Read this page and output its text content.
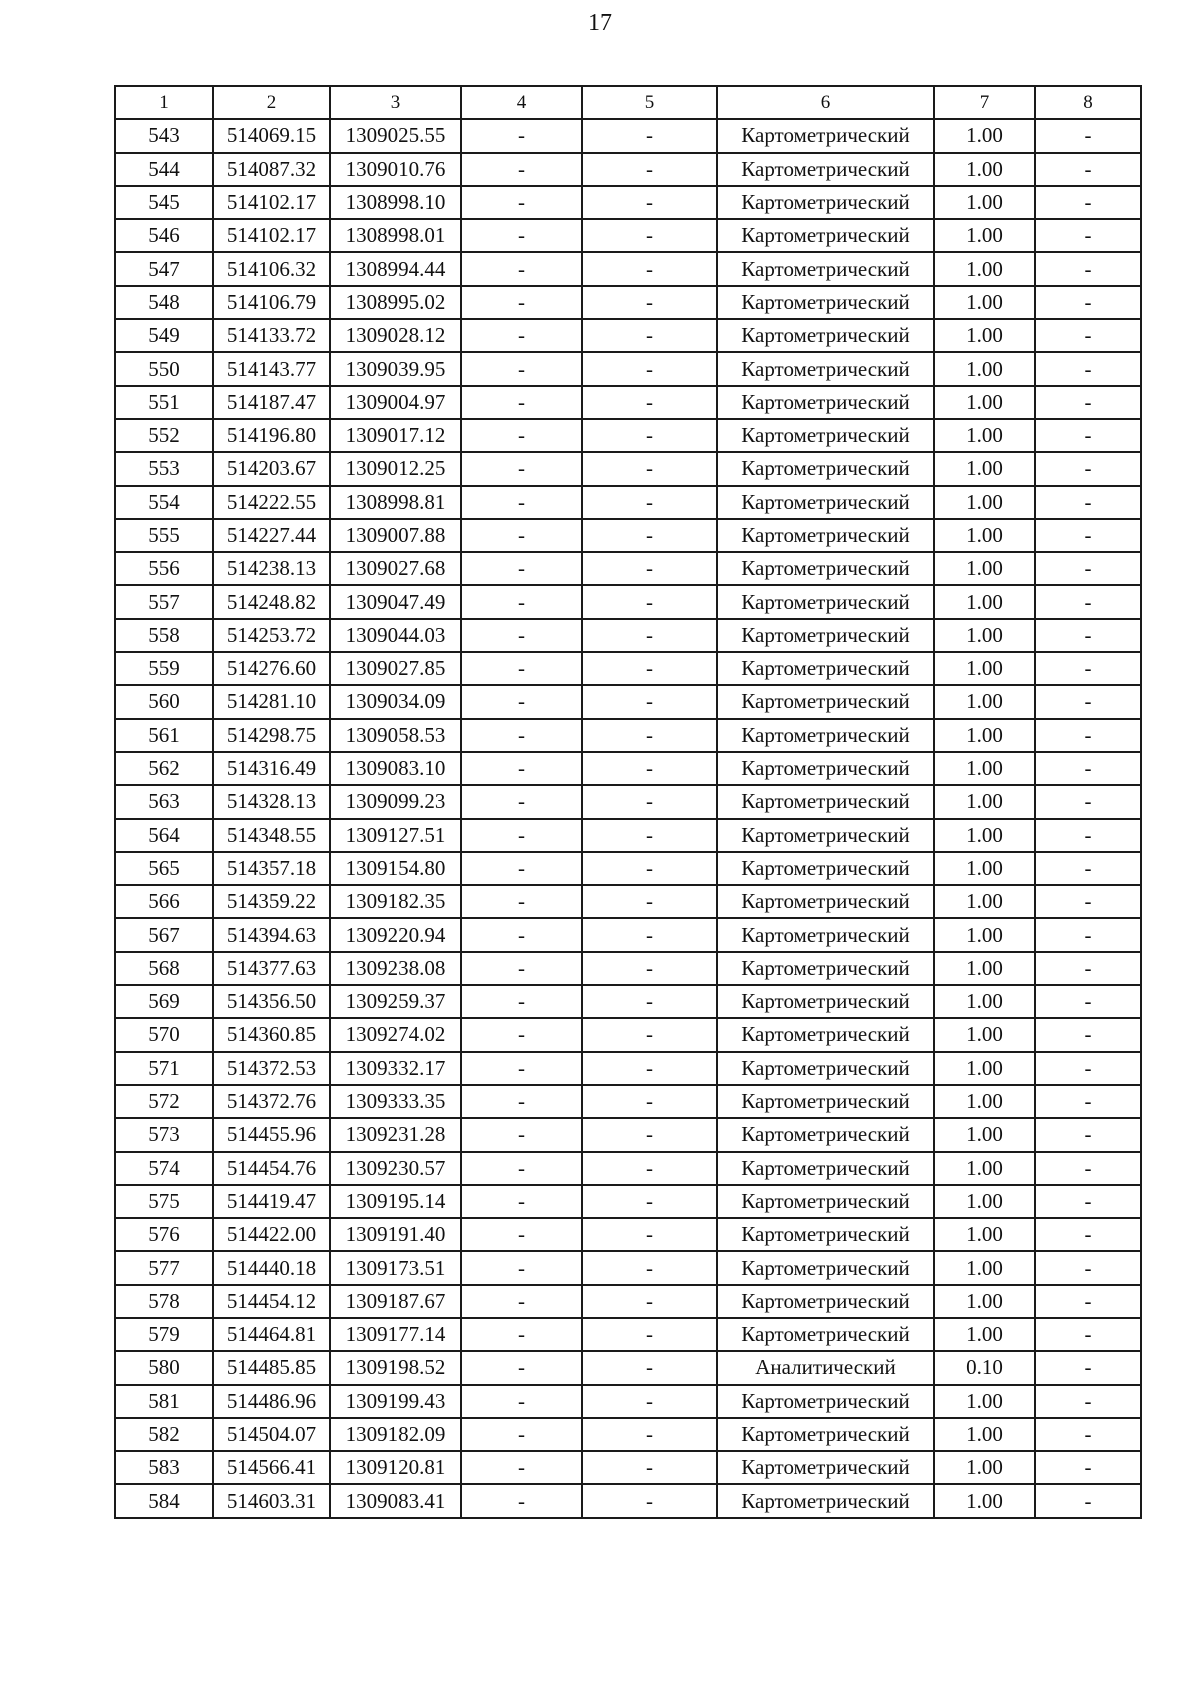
17
1	2	3	4	5	6	7	8
543	514069.15	1309025.55	-	-	Картометрический	1.00	-
544	514087.32	1309010.76	-	-	Картометрический	1.00	-
545	514102.17	1308998.10	-	-	Картометрический	1.00	-
546	514102.17	1308998.01	-	-	Картометрический	1.00	-
547	514106.32	1308994.44	-	-	Картометрический	1.00	-
548	514106.79	1308995.02	-	-	Картометрический	1.00	-
549	514133.72	1309028.12	-	-	Картометрический	1.00	-
550	514143.77	1309039.95	-	-	Картометрический	1.00	-
551	514187.47	1309004.97	-	-	Картометрический	1.00	-
552	514196.80	1309017.12	-	-	Картометрический	1.00	-
553	514203.67	1309012.25	-	-	Картометрический	1.00	-
554	514222.55	1308998.81	-	-	Картометрический	1.00	-
555	514227.44	1309007.88	-	-	Картометрический	1.00	-
556	514238.13	1309027.68	-	-	Картометрический	1.00	-
557	514248.82	1309047.49	-	-	Картометрический	1.00	-
558	514253.72	1309044.03	-	-	Картометрический	1.00	-
559	514276.60	1309027.85	-	-	Картометрический	1.00	-
560	514281.10	1309034.09	-	-	Картометрический	1.00	-
561	514298.75	1309058.53	-	-	Картометрический	1.00	-
562	514316.49	1309083.10	-	-	Картометрический	1.00	-
563	514328.13	1309099.23	-	-	Картометрический	1.00	-
564	514348.55	1309127.51	-	-	Картометрический	1.00	-
565	514357.18	1309154.80	-	-	Картометрический	1.00	-
566	514359.22	1309182.35	-	-	Картометрический	1.00	-
567	514394.63	1309220.94	-	-	Картометрический	1.00	-
568	514377.63	1309238.08	-	-	Картометрический	1.00	-
569	514356.50	1309259.37	-	-	Картометрический	1.00	-
570	514360.85	1309274.02	-	-	Картометрический	1.00	-
571	514372.53	1309332.17	-	-	Картометрический	1.00	-
572	514372.76	1309333.35	-	-	Картометрический	1.00	-
573	514455.96	1309231.28	-	-	Картометрический	1.00	-
574	514454.76	1309230.57	-	-	Картометрический	1.00	-
575	514419.47	1309195.14	-	-	Картометрический	1.00	-
576	514422.00	1309191.40	-	-	Картометрический	1.00	-
577	514440.18	1309173.51	-	-	Картометрический	1.00	-
578	514454.12	1309187.67	-	-	Картометрический	1.00	-
579	514464.81	1309177.14	-	-	Картометрический	1.00	-
580	514485.85	1309198.52	-	-	Аналитический	0.10	-
581	514486.96	1309199.43	-	-	Картометрический	1.00	-
582	514504.07	1309182.09	-	-	Картометрический	1.00	-
583	514566.41	1309120.81	-	-	Картометрический	1.00	-
584	514603.31	1309083.41	-	-	Картометрический	1.00	-
